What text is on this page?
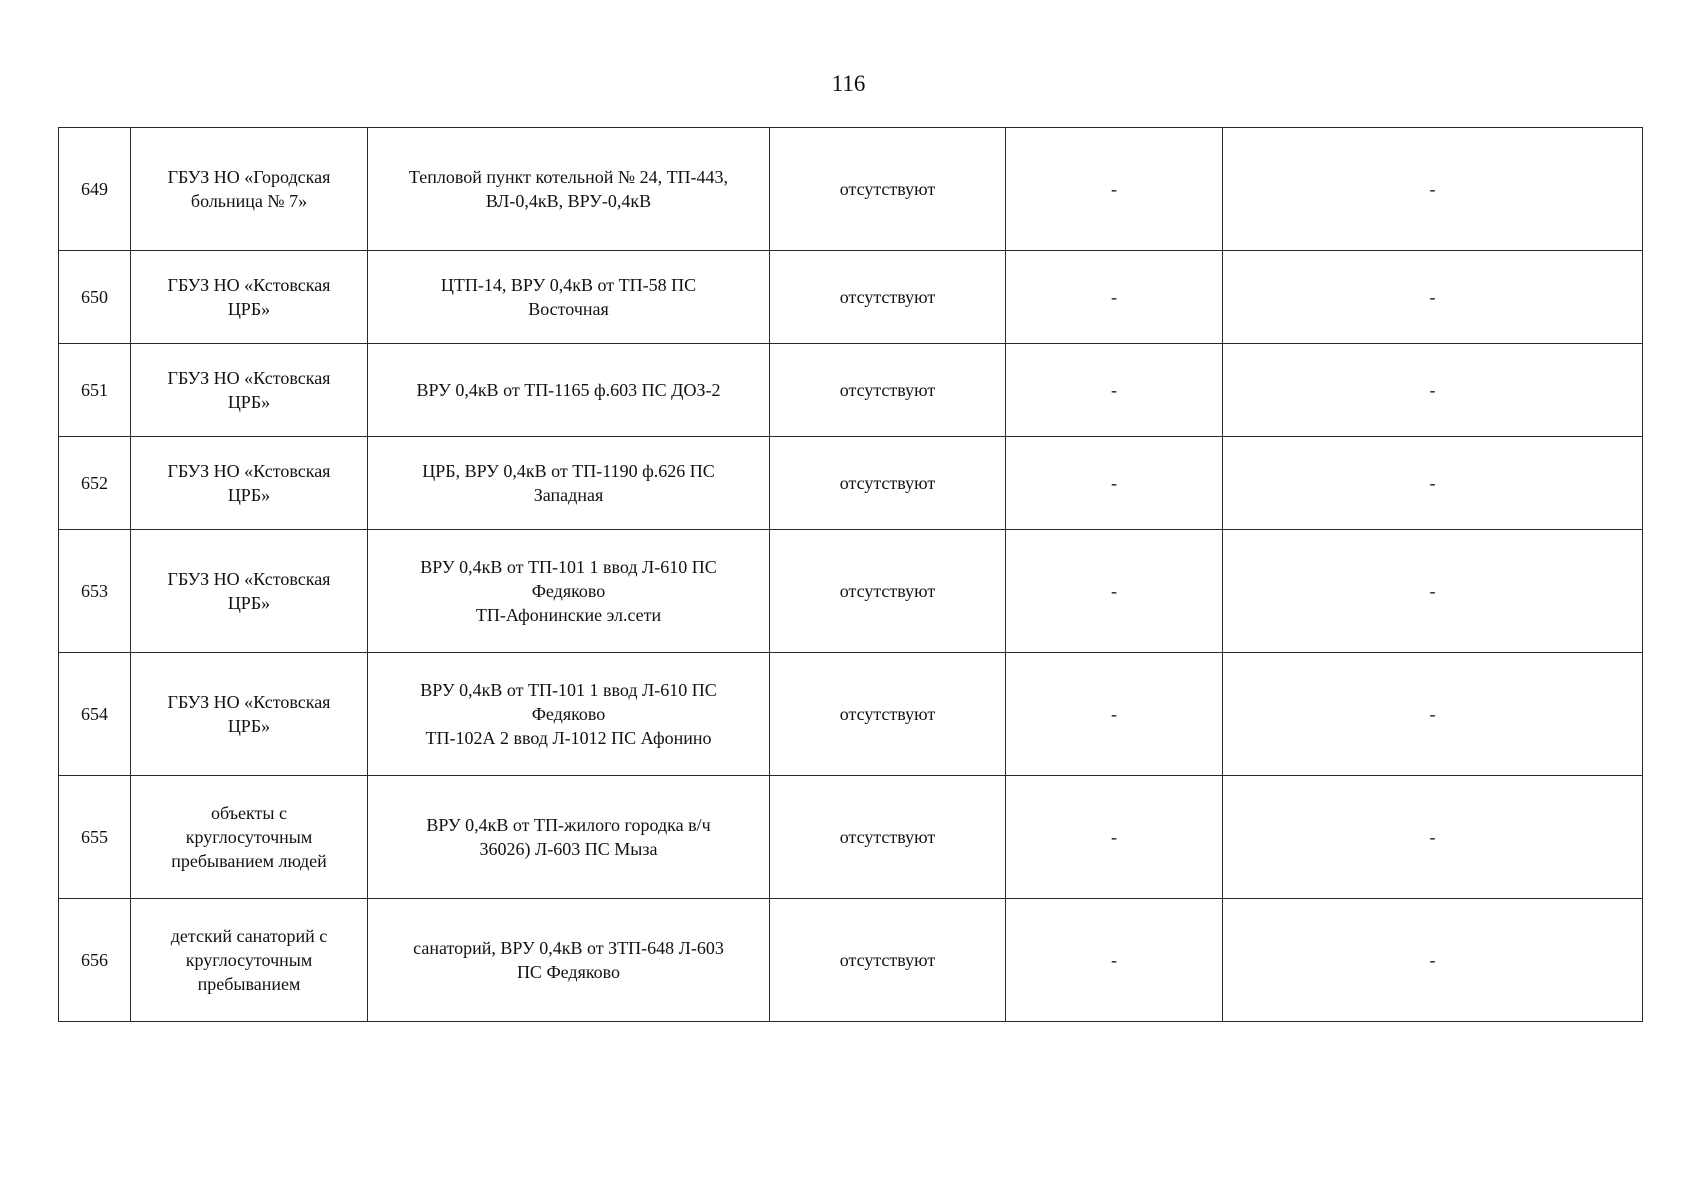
116
649	ГБУЗ НО «Городская
больница № 7»	Тепловой пункт котельной № 24, ТП-443,
ВЛ-0,4кВ, ВРУ-0,4кВ	отсутствуют	-	-
650	ГБУЗ НО «Кстовская
ЦРБ»	ЦТП-14, ВРУ 0,4кВ от ТП-58 ПС
Восточная	отсутствуют	-	-
651	ГБУЗ НО «Кстовская
ЦРБ»	ВРУ 0,4кВ от ТП-1165 ф.603 ПС ДОЗ-2	отсутствуют	-	-
652	ГБУЗ НО «Кстовская
ЦРБ»	ЦРБ, ВРУ 0,4кВ от ТП-1190 ф.626 ПС
Западная	отсутствуют	-	-
653	ГБУЗ НО «Кстовская
ЦРБ»	ВРУ 0,4кВ от ТП-101 1 ввод Л-610 ПС
Федяково
ТП-Афонинские эл.сети	отсутствуют	-	-
654	ГБУЗ НО «Кстовская
ЦРБ»	ВРУ 0,4кВ от ТП-101 1 ввод Л-610 ПС
Федяково
ТП-102А 2 ввод Л-1012 ПС Афонино	отсутствуют	-	-
655	объекты с
круглосуточным
пребыванием людей	ВРУ 0,4кВ от ТП-жилого городка в/ч
36026) Л-603 ПС Мыза	отсутствуют	-	-
656	детский санаторий с
круглосуточным
пребыванием	санаторий, ВРУ 0,4кВ от ЗТП-648 Л-603
ПС Федяково	отсутствуют	-	-
